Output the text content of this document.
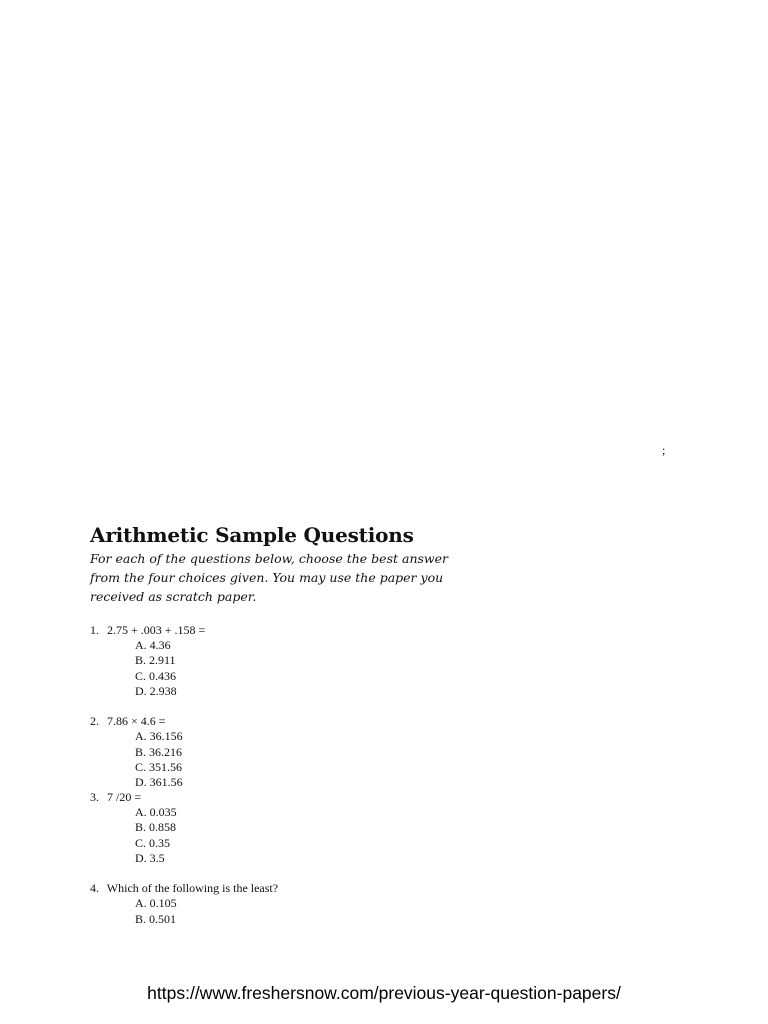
;
Arithmetic Sample Questions

For each of the questions below, choose the best answer from the four choices given. You may use the paper you received as scratch paper.

1. 2.75 + .003 + .158 =
A. 4.36
B. 2.911
C. 0.436
D. 2.938
2. 7.86 × 4.6 =
A. 36.156
B. 36.216
C. 351.56
D. 361.56
3. 7 /20 =
A. 0.035
B. 0.858
C. 0.35
D. 3.5
4. Which of the following is the least?
A. 0.105
B. 0.501
https://www.freshersnow.com/previous-year-question-papers/
